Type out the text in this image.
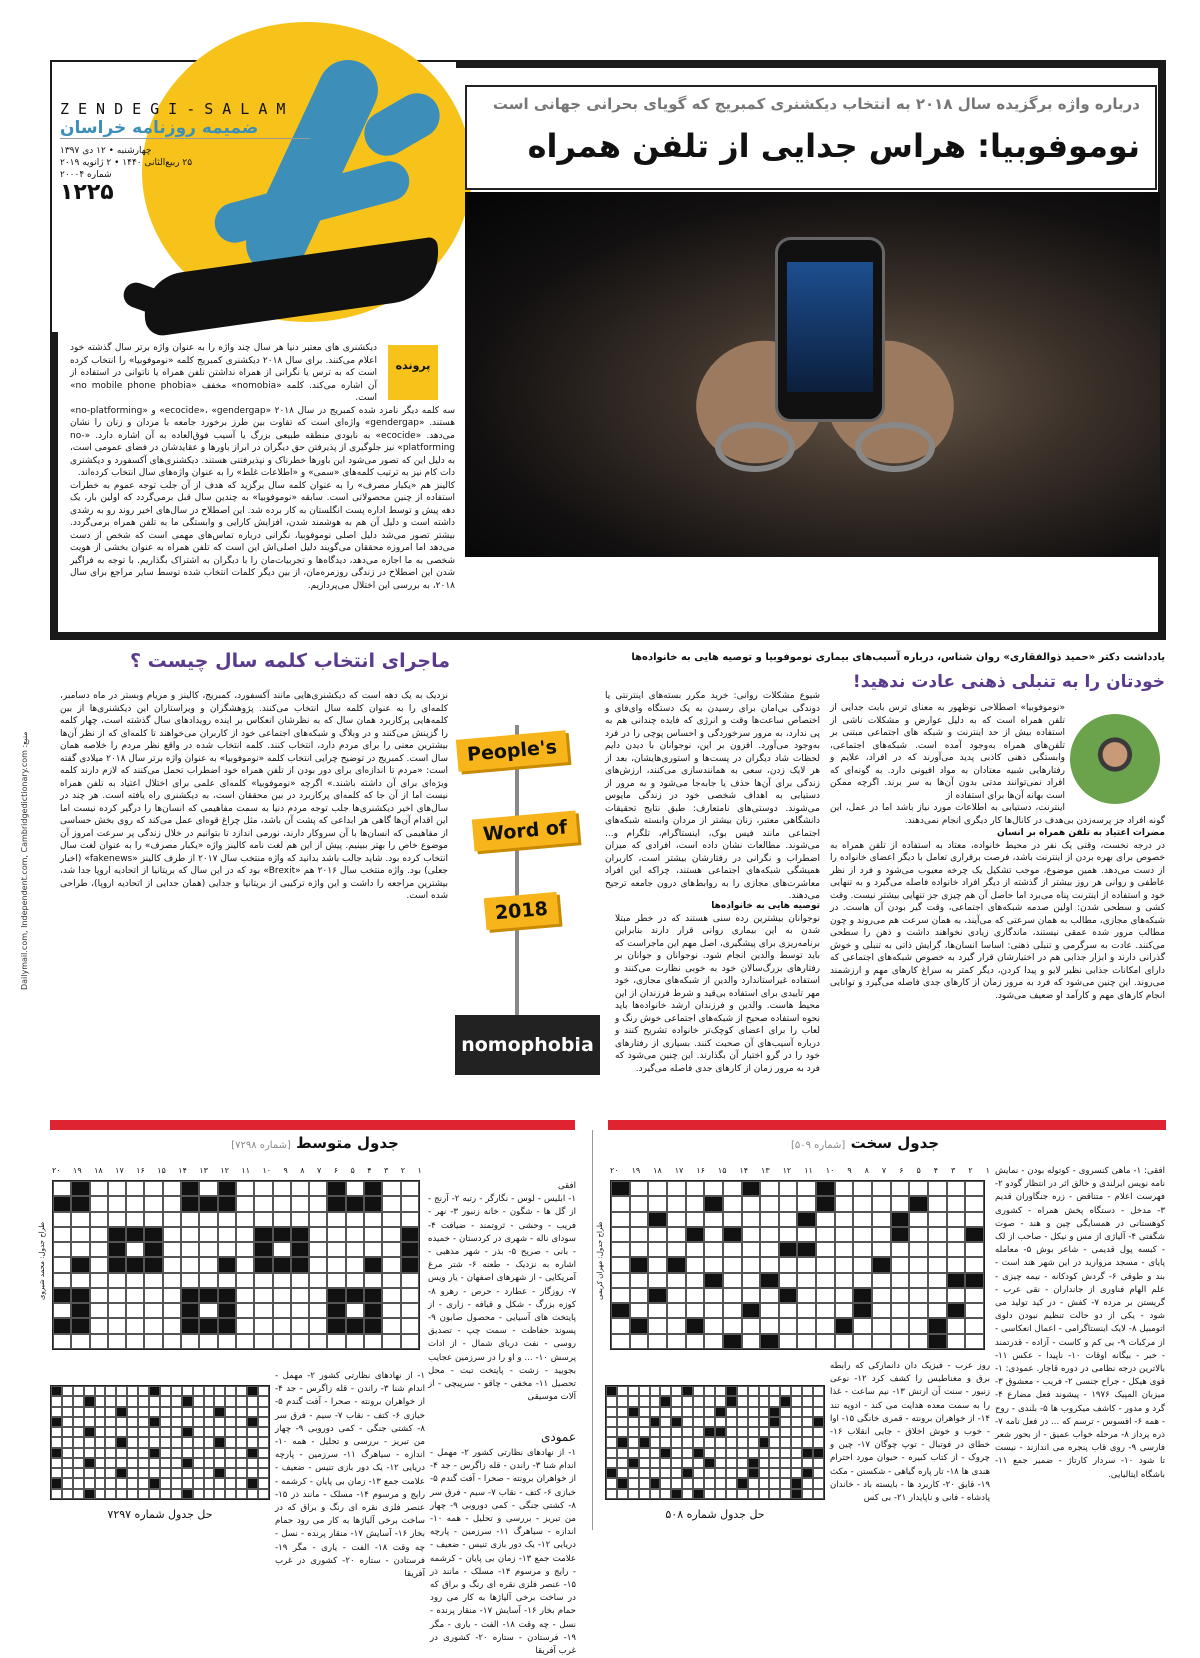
ZENDEGI-SALAM
ضمیمه روزنامه خراسان
چهارشنبه • ۱۲ دی ۱۳۹۷
۲۵ ربیع‌الثانی ۱۴۴۰ • ۲ ژانویه ۲۰۱۹
شماره ۲۰۰۰۴
۱۲۲۵
درباره واژه برگزیده سال ۲۰۱۸ به انتخاب دیکشنری کمبریج که گویای بحرانی جهانی است
نوموفوبیا: هراس جدایی از تلفن همراه
پرونده

دیکشنری های معتبر دنیا هر سال چند واژه را به عنوان واژه برتر سال گذشته خود اعلام می‌کنند. برای سال ۲۰۱۸ دیکشنری کمبریج کلمه «نوموفوبیا» را انتخاب کرده است که به ترس یا نگرانی از همراه نداشتن تلفن همراه یا ناتوانی در استفاده از آن اشاره می‌کند. کلمه «nomobia» مخفف «no mobile phone phobia» است.

سه کلمه دیگر نامزد شده کمبریج در سال ۲۰۱۸ «ecocide»، «gendergap» و «no-platforming» هستند. «gendergap» واژه‌ای است که تفاوت بین طرز برخورد جامعه با مردان و زنان را نشان می‌دهد. «ecocide» به نابودی منطقه طبیعی بزرگ یا آسیب فوق‌العاده به آن اشاره دارد. «no-platforming» نیز جلوگیری از پذیرفتن حق دیگران در ابراز باورها و عقایدشان در فضای عمومی است، به دلیل این که تصور می‌شود این باورها خطرناک و نپذیرفتنی هستند. دیکشنری‌های آکسفورد و دیکشنری دات کام نیز به ترتیب کلمه‌های «سمی» و «اطلاعات غلط» را به عنوان واژه‌های سال انتخاب کرده‌اند.

کالینز هم «یکبار مصرف» را به عنوان کلمه سال برگزید که هدف از آن جلب توجه عموم به خطرات استفاده از چنین محصولاتی است. سابقه «نوموفوبیا» به چندین سال قبل برمی‌گردد که اولین بار، یک دهه پیش و توسط اداره پست انگلستان به کار برده شد. این اصطلاح در سال‌های اخیر روند رو به رشدی داشته است و دلیل آن هم به هوشمند شدن، افزایش کارایی و وابستگی ما به تلفن همراه برمی‌گردد. بیشتر تصور می‌شد دلیل اصلی نوموفوبیا، نگرانی درباره تماس‌های مهمی است که شخص از دست می‌دهد اما امروزه محققان می‌گویند دلیل اصلی‌اش این است که تلفن همراه به عنوان بخشی از هویت شخصی به ما اجازه می‌دهد، دیدگاه‌ها و تجربیات‌مان را با دیگران به اشتراک بگذاریم. با توجه به فراگیر شدن این اصطلاح در زندگی روزمره‌مان، از بین دیگر کلمات انتخاب شده توسط سایر مراجع برای سال ۲۰۱۸، به بررسی این اختلال می‌پردازیم.

یادداشت دکتر «حمید ذوالفقاری» روان شناس، درباره آسیب‌های بیماری نوموفوبیا و توصیه هایی به خانواده‌ها
خودتان را به تنبلی ذهنی عادت ندهید!
ماجرای انتخاب کلمه سال چیست ؟

«نوموفوبیا» اصطلاحی نوظهور به معنای ترس بابت جدایی از تلفن همراه است که به دلیل عوارض و مشکلات ناشی از استفاده بیش از حد اینترنت و شبکه های اجتماعی مبتنی بر تلفن‌های همراه به‌وجود آمده است. شبکه‌های اجتماعی، وابستگی ذهنی کاذبی پدید می‌آورند که در افراد، علایم و رفتارهایی شبیه معتادان به مواد افیونی دارد. به گونه‌ای که افراد نمی‌توانند مدتی بدون آن‌ها به سر برند. اگرچه ممکن است بهانه آن‌ها برای استفاده از

اینترنت، دستیابی به اطلاعات مورد نیاز باشد اما در عمل، این گونه افراد جز پرسه‌زدن بی‌هدف در کانال‌ها کار دیگری انجام نمی‌دهند.

مضرات اعتیاد به تلفن همراه بر انسان

در درجه نخست، وقتی یک نفر در محیط خانواده، معتاد به استفاده از تلفن همراه به خصوص برای بهره بردن از اینترنت باشد، فرصت برقراری تعامل با دیگر اعضای خانواده را از دست می‌دهد. همین موضوع، موجب تشکیل یک چرخه معیوب می‌شود و فرد از نظر عاطفی و روانی هر روز بیشتر از گذشته از دیگر افراد خانواده فاصله می‌گیرد و به تنهایی خود و استفاده از اینترنت پناه می‌برد اما حاصل آن هم چیزی جز تنهایی بیشتر نیست. وقت کشی و سطحی شدن: اولین صدمه شبکه‌های اجتماعی، وقت گیر بودن آن هاست. در شبکه‌های مجازی، مطالب به همان سرعتی که می‌آیند، به همان سرعت هم می‌روند و چون مطالب مرور شده عمقی نیستند، ماندگاری زیادی نخواهند داشت و ذهن را سطحی می‌کنند. عادت به سرگرمی و تنبلی ذهنی: اساسا انسان‌ها، گرایش ذاتی به تنبلی و خوش گذرانی دارند و ابزار جذابی هم در اختیارشان قرار گیرد به خصوص شبکه‌های اجتماعی که دارای امکانات جذابی نظیر لایو و پیدا کردن، دیگر کمتر به سراغ کارهای مهم و ارزشمند می‌روند. این چنین می‌شود که فرد به مرور زمان از کارهای جدی فاصله می‌گیرد و توانایی انجام کارهای مهم و کارآمد او ضعیف می‌شود.

شیوع مشکلات روانی: خرید مکرر بسته‌های اینترنتی یا دوندگی بی‌امان برای رسیدن به یک دستگاه وای‌فای و اختصاص ساعت‌ها وقت و انرژی که فایده چندانی هم به پی ندارد، به مرور سرخوردگی و احساس پوچی را در فرد به‌وجود می‌آورد. افزون بر این، نوجوانان با دیدن دایم لحظات شاد دیگران در پست‌ها و استوری‌هایشان، بعد از هر لایک زدن، سعی به همانندسازی می‌کنند، ارزش‌های زندگی برای آن‌ها حذف یا جابه‌جا می‌شود و به مرور از دستیابی به اهداف شخصی خود در زندگی مایوس می‌شوند. دوستی‌های نامتعارف: طبق نتایج تحقیقات دانشگاهی معتبر، زنان بیشتر از مردان وابسته شبکه‌های اجتماعی مانند فیس بوک، اینستاگرام، تلگرام و... می‌شوند. مطالعات نشان داده است، افرادی که میزان اضطراب و نگرانی در رفتارشان بیشتر است، کاربران همیشگی شبکه‌های اجتماعی هستند، چراکه این افراد معاشرت‌های مجازی را به روابط‌های درون جامعه ترجیح می‌دهند.
توصیه هایی به خانواده‌ها

نوجوانان بیشترین رده سنی هستند که در خطر مبتلا شدن به این بیماری روانی قرار دارند بنابراین برنامه‌ریزی برای پیشگیری، اصل مهم این ماجراست که باید توسط والدین انجام شود. نوجوانان و جوانان بر رفتارهای بزرگ‌سالان خود به خوبی نظارت می‌کنند و استفاده غیراستاندارد والدین از شبکه‌های مجازی، خود مهر تاییدی برای استفاده بی‌قید و شرط فرزندان از این محیط هاست. والدین و فرزندان ارشد خانواده‌ها باید نحوه استفاده صحیح از شبکه‌های اجتماعی خوش رنگ و لعاب را برای اعضای کوچک‌تر خانواده تشریح کنند و درباره آسیب‌های آن صحبت کنند. بسیاری از رفتارهای خود را در گرو اختیار آن بگذارند. این چنین می‌شود که فرد به مرور زمان از کارهای جدی فاصله می‌گیرد.

نزدیک به یک دهه است که دیکشنری‌هایی مانند آکسفورد، کمبریج، کالینز و مریام وبستر در ماه دسامبر، کلمه‌ای را به عنوان کلمه سال انتخاب می‌کنند. پژوهشگران و ویراستاران این دیکشنری‌ها از بین کلمه‌هایی پرکاربرد همان سال که به نظرشان انعکاس بر اینده رویدادهای سال گذشته است، چهار کلمه را گزینش می‌کنند و در وبلاگ و شبکه‌های اجتماعی خود از کاربران می‌خواهند تا کلمه‌ای که از نظر آن‌ها بیشترین معنی را برای مردم دارد، انتخاب کنند. کلمه انتخاب شده در واقع نظر مردم را خلاصه همان سال است. کمبریج در توضیح چرایی انتخاب کلمه «نوموفوبیا» به عنوان واژه برتر سال ۲۰۱۸ میلادی گفته است: «مردم تا اندازه‌ای برای دور بودن از تلفن همراه خود اضطراب تحمل می‌کنند که لازم دارند کلمه ویژه‌ای برای آن داشته باشند.» اگرچه «نوموفوبیا» کلمه‌ای علمی برای اختلال اعتیاد به تلفن همراه نیست اما از آن جا که کلمه‌ای پرکاربرد در بین محققان است، به دیکشنری راه یافته است. هر چند در سال‌های اخیر دیکشنری‌ها جلب توجه مردم دنیا به سمت مفاهیمی که انسان‌ها را درگیر کرده نیست اما این اقدام آن‌ها گاهی هر ابداعی که پشت آن باشد، مثل چراغ قوه‌ای عمل می‌کند که روی بخش حساسی از مفاهیمی که انسان‌ها با آن سروکار دارند، نورمی اندازد تا بتوانیم در خلال زندگی پر سرعت امروز آن موضوع خاص را بهتر ببینیم. پیش از این هم لغت نامه کالینز واژه «یکبار مصرف» را به عنوان لغت سال انتخاب کرده بود. شاید جالب باشد بدانید که واژه منتخب سال ۲۰۱۷ از طرف کالینز «fakenews» (اخبار جعلی) بود. واژه منتخب سال ۲۰۱۶ هم «Brexit» بود که در این سال که بریتانیا از اتحادیه اروپا جدا شد، بیشترین مراجعه را داشت و این واژه ترکیبی از بریتانیا و جدایی (همان جدایی از اتحادیه اروپا)، طراحی شده است.

Dailymail.com, Independent.com, Cambridgedictionary.com :منبع	People's
Word of
2018
nomophobia
جدول سخت [شماره ۵۰۹]
جدول متوسط [شماره ۷۲۹۸]
۱
۲
۳
۴
۵
۶
۷
۸
۹
۱۰
۱۱
۱۲
۱۳
۱۴
۱۵
۱۶
۱۷
۱۸
۱۹
۲۰	افقی: ۱- ماهی کنسروی - کوتوله بودن - نمایش نامه نویس ایرلندی و خالق اثر در انتظار گودو ۲- فهرست اعلام - متناقض - زره جنگاوران قدیم ۳- مدخل - دستگاه پخش همراه - کشوری کوهستانی در همسایگی چین و هند - صوت شگفتی ۴- آلیاژی از مس و نیکل - صاحب از لک - کیسه پول قدیمی - شاعر بوش ۵- معامله پایای - مسجد مروارید در این شهر هند است - بند و طوقی ۶- گردش کودکانه - نیمه چیزی - علم الهام فناوری از جانداران - نقی عرب - گریستن بر مرده ۷- کفش - در کید تولید می شود - یکی از دو حالت تنظیم نبودن دلوی اتومبیل ۸- لایک اینستاگرامی - اعمال انعکاسی - از مرکبات ۹- بی کم و کاست - آزاده - قدرتمند - خبر - بیگانه اوقات ۱۰- ناپیدا - عکس ۱۱- بالاترین درجه نظامی در دوره قاجار. عمودی: ۱- قوی هیکل - جراح جنسی ۲- فریب - معشوق ۳- میزبان المپیک ۱۹۷۶ - پیشوند فعل مضارع ۴- گرد و مدور - کاشف میکروب ها ۵- بلندی - روح - همه ۶- افسوس - ترسم که ... در فعل نامه ۷- ذره پرداز ۸- مرحله خواب عمیق - از بحور شعر فارسی ۹- روی قاب پنجره می اندازند - نیست تا شود ۱۰- سردار کارتاژ - ضمیر جمع ۱۱- باشگاه ایتالیایی.
روز عرب - فیزیک دان دانمارکی که رابطه برق و مغناطیس را کشف کرد ۱۲- نوعی زنبور - سنت آن ارتش ۱۳- نیم ساعت - غذا را به سمت معده هدایت می کند - ادویه تند ۱۴- از خواهران برونته - قمری خانگی ۱۵- اوا - خوب و خوش اخلاق - جایی انقلاب ۱۶- خطای در فوتبال - توپ چوگان ۱۷- چین و چروک - از کتاب کبیره - حیوان مورد احترام هندی ها ۱۸- تار پاره گیاهی - شکستن - مکث ۱۹- قایق ۲۰- کاربرد ها - بایسته باد - خاندان پادشاه - فانی و ناپایدار ۲۱- بی کس
حل جدول شماره ۵۰۸
طراح جدول: مهران کریمی
۱
۲
۳
۴
۵
۶
۷
۸
۹
۱۰
۱۱
۱۲
۱۳
۱۴
۱۵
۱۶
۱۷
۱۸
۱۹
۲۰
افقی
۱- ابلیس - لوس - نگارگر - رتبه ۲- آرنج - از گل ها - شگون - خانه زنبور ۳- نهر - فریب - وحشی - ثروتمند - ضیافت ۴- سودای ناله - شهری در کردستان - خمیده - بانی - صریح ۵- بذر - شهر مذهبی - اشاره به نزدیک - طعنه ۶- شتر مرغ آمریکایی - از شهرهای اصفهان - یار ویس ۷- روزگار - عطارد - حرص - رهرو ۸- کوزه بزرگ - شکل و قیافه - زاری - از پایتخت های آسیایی - محصول صابون ۹- پسوند حفاظت - سمت چپ - تصدیق روسی - نفت دریای شمال - از ادات پرسش ۱۰- ... و او را در سرزمین عجایب بجویید - زشت - پایتخت تبت - محل تحصیل ۱۱- مخفی - چاقو - سرپیچی - از آلات موسیقی
عمودی
۱- از نهادهای نظارتی کشور ۲- مهمل - اندام شنا ۳- راندن - قله زاگرس - جد ۴- از خواهران برونته - صحرا - آفت گندم ۵- خبازی ۶- کتف - نقاب ۷- سیم - فرق سر ۸- کشتی جنگی - کمی دوروبی ۹- چهار من تبریز - بررسی و تحلیل - همه ۱۰- اندازه - سیاهرگ ۱۱- سرزمین - پارچه دریایی ۱۲- یک دور بازی تنیس - ضعیف - علامت جمع ۱۳- زمان بی پایان - کرشمه - رایج و مرسوم ۱۴- مسلک - مانند ذر ۱۵- عنصر فلزی نقره ای رنگ و براق که در ساخت برخی آلیاژها به کار می رود حمام بخار ۱۶- آسایش ۱۷- منقار پرنده - نسل - چه وقت ۱۸- الفت - یاری - مگر ۱۹- فرستادن - ستاره ۲۰- کشوری در غرب آفریقا
۱- از نهادهای نظارتی کشور ۲- مهمل - اندام شنا ۳- راندن - قله زاگرس - جد ۴- از خواهران برونته - صحرا - آفت گندم ۵- خبازی ۶- کتف - نقاب ۷- سیم - فرق سر ۸- کشتی جنگی - کمی دوروبی ۹- چهار من تبریز - بررسی و تحلیل - همه ۱۰- اندازه - سیاهرگ ۱۱- سرزمین - پارچه دریایی ۱۲- یک دور بازی تنیس - ضعیف - علامت جمع ۱۳- زمان بی پایان - کرشمه - رایج و مرسوم ۱۴- مسلک - مانند ذر ۱۵- عنصر فلزی نقره ای رنگ و براق که در ساخت برخی آلیاژها به کار می رود حمام بخار ۱۶- آسایش ۱۷- منقار پرنده - نسل - چه وقت ۱۸- الفت - یاری - مگر ۱۹- فرستادن - ستاره ۲۰- کشوری در غرب آفریقا
حل جدول شماره ۷۲۹۷
طراح جدول: محمد شیروی
